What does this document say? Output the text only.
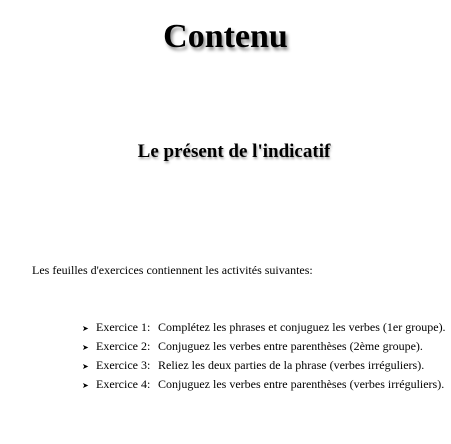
Contenu
Le présent de l'indicatif
Les feuilles d'exercices contiennent les activités suivantes:
➤ Exercice 1: Complétez les phrases et conjuguez les verbes (1er groupe).
➤ Exercice 2: Conjuguez les verbes entre parenthèses (2ème groupe).
➤ Exercice 3: Reliez les deux parties de la phrase (verbes irréguliers).
➤ Exercice 4: Conjuguez les verbes entre parenthèses (verbes irréguliers).
